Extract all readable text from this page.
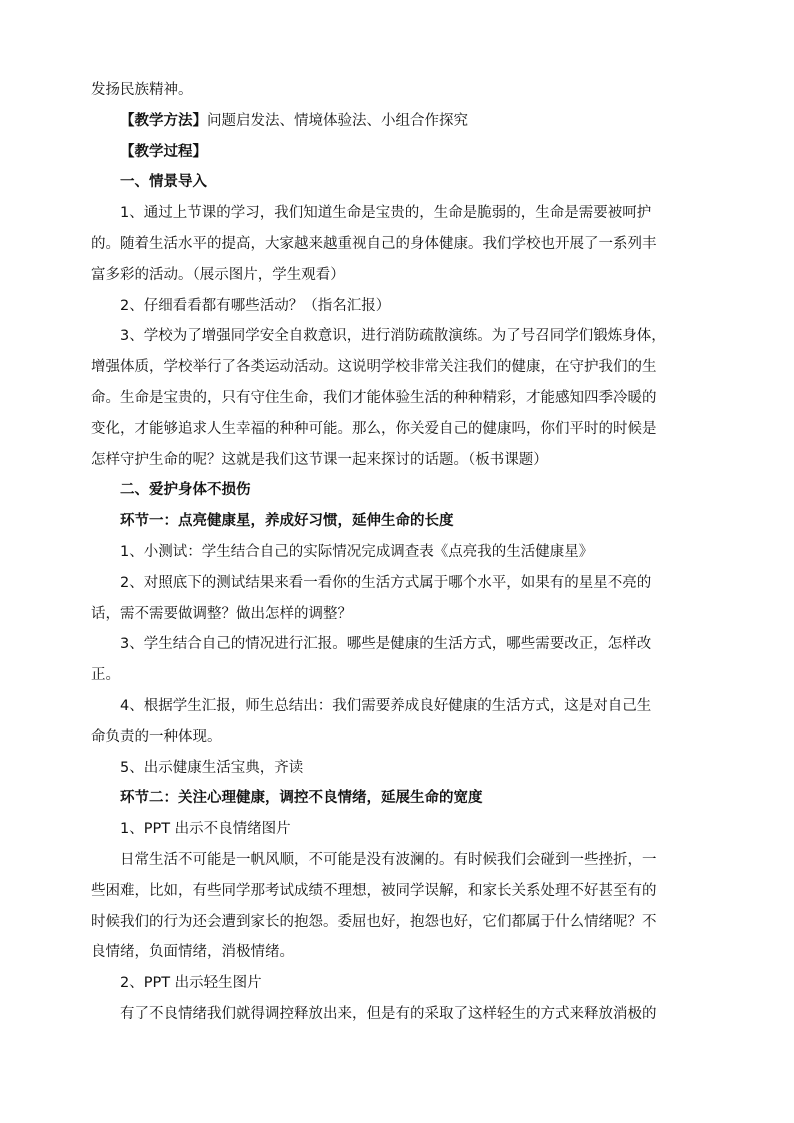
发扬民族精神。
【教学方法】问题启发法、情境体验法、小组合作探究
【教学过程】
一、情景导入
1、通过上节课的学习，我们知道生命是宝贵的，生命是脆弱的，生命是需要被呵护
的。随着生活水平的提高，大家越来越重视自己的身体健康。我们学校也开展了一系列丰
富多彩的活动。（展示图片，学生观看）
2、仔细看看都有哪些活动？（指名汇报）
3、学校为了增强同学安全自救意识，进行消防疏散演练。为了号召同学们锻炼身体，
增强体质，学校举行了各类运动活动。这说明学校非常关注我们的健康，在守护我们的生
命。生命是宝贵的，只有守住生命，我们才能体验生活的种种精彩，才能感知四季冷暖的
变化，才能够追求人生幸福的种种可能。那么，你关爱自己的健康吗，你们平时的时候是
怎样守护生命的呢？这就是我们这节课一起来探讨的话题。（板书课题）
二、爱护身体不损伤
环节一：点亮健康星，养成好习惯，延伸生命的长度
1、小测试：学生结合自己的实际情况完成调查表《点亮我的生活健康星》
2、对照底下的测试结果来看一看你的生活方式属于哪个水平，如果有的星星不亮的
话，需不需要做调整？做出怎样的调整？
3、学生结合自己的情况进行汇报。哪些是健康的生活方式，哪些需要改正，怎样改
正。
4、根据学生汇报，师生总结出：我们需要养成良好健康的生活方式，这是对自己生
命负责的一种体现。
5、出示健康生活宝典，齐读
环节二：关注心理健康，调控不良情绪，延展生命的宽度
1、PPT 出示不良情绪图片
日常生活不可能是一帆风顺，不可能是没有波澜的。有时候我们会碰到一些挫折，一
些困难，比如，有些同学那考试成绩不理想，被同学误解，和家长关系处理不好甚至有的
时候我们的行为还会遭到家长的抱怨。委屈也好，抱怨也好，它们都属于什么情绪呢？不
良情绪，负面情绪，消极情绪。
2、PPT 出示轻生图片
有了不良情绪我们就得调控释放出来，但是有的采取了这样轻生的方式来释放消极的
